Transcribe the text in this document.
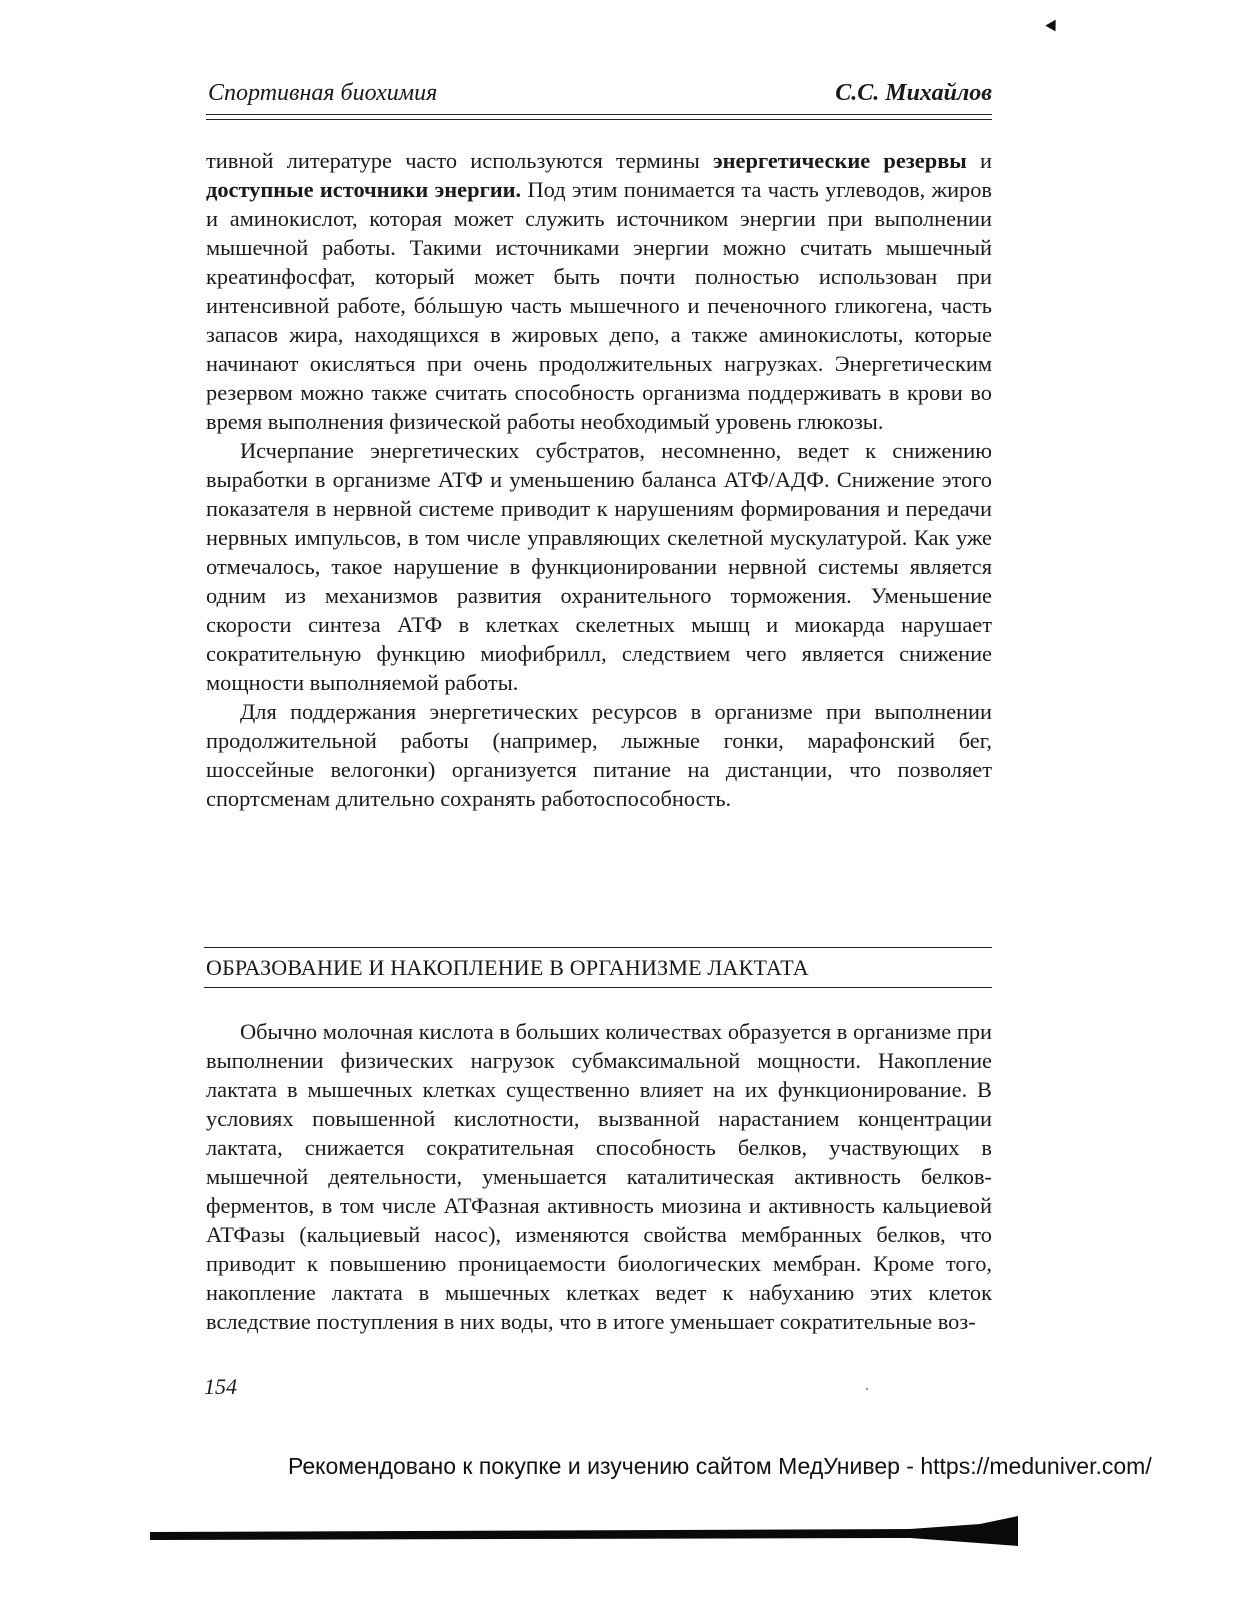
Спортивная биохимия	С.С. Михайлов

тивной литературе часто используются термины энергетические резервы и доступные источники энергии. Под этим понимается та часть углеводов, жиров и аминокислот, которая может служить источником энергии при выполнении мышечной работы. Такими источниками энергии можно считать мышечный креатинфосфат, который может быть почти полностью использован при интенсивной работе, бóльшую часть мышечного и печеночного гликогена, часть запасов жира, находящихся в жировых депо, а также аминокислоты, которые начинают окисляться при очень продолжительных нагрузках. Энергетическим резервом можно также считать способность организма поддерживать в крови во время выполнения физической работы необходимый уровень глюкозы.

Исчерпание энергетических субстратов, несомненно, ведет к снижению выработки в организме АТФ и уменьшению баланса АТФ/АДФ. Снижение этого показателя в нервной системе приводит к нарушениям формирования и передачи нервных импульсов, в том числе управляющих скелетной мускулатурой. Как уже отмечалось, такое нарушение в функционировании нервной системы является одним из механизмов развития охранительного торможения. Уменьшение скорости синтеза АТФ в клетках скелетных мышц и миокарда нарушает сократительную функцию миофибрилл, следствием чего является снижение мощности выполняемой работы.

Для поддержания энергетических ресурсов в организме при выполнении продолжительной работы (например, лыжные гонки, марафонский бег, шоссейные велогонки) организуется питание на дистанции, что позволяет спортсменам длительно сохранять работоспособность.

ОБРАЗОВАНИЕ И НАКОПЛЕНИЕ В ОРГАНИЗМЕ ЛАКТАТА

Обычно молочная кислота в больших количествах образуется в организме при выполнении физических нагрузок субмаксимальной мощности. Накопление лактата в мышечных клетках существенно влияет на их функционирование. В условиях повышенной кислотности, вызванной нарастанием концентрации лактата, снижается сократительная способность белков, участвующих в мышечной деятельности, уменьшается каталитическая активность белков-ферментов, в том числе АТФазная активность миозина и активность кальциевой АТФазы (кальциевый насос), изменяются свойства мембранных белков, что приводит к повышению проницаемости биологических мембран. Кроме того, накопление лактата в мышечных клетках ведет к набуханию этих клеток вследствие поступления в них воды, что в итоге уменьшает сократительные воз-

154
Рекомендовано к покупке и изучению сайтом МедУнивер - https://meduniver.com/
